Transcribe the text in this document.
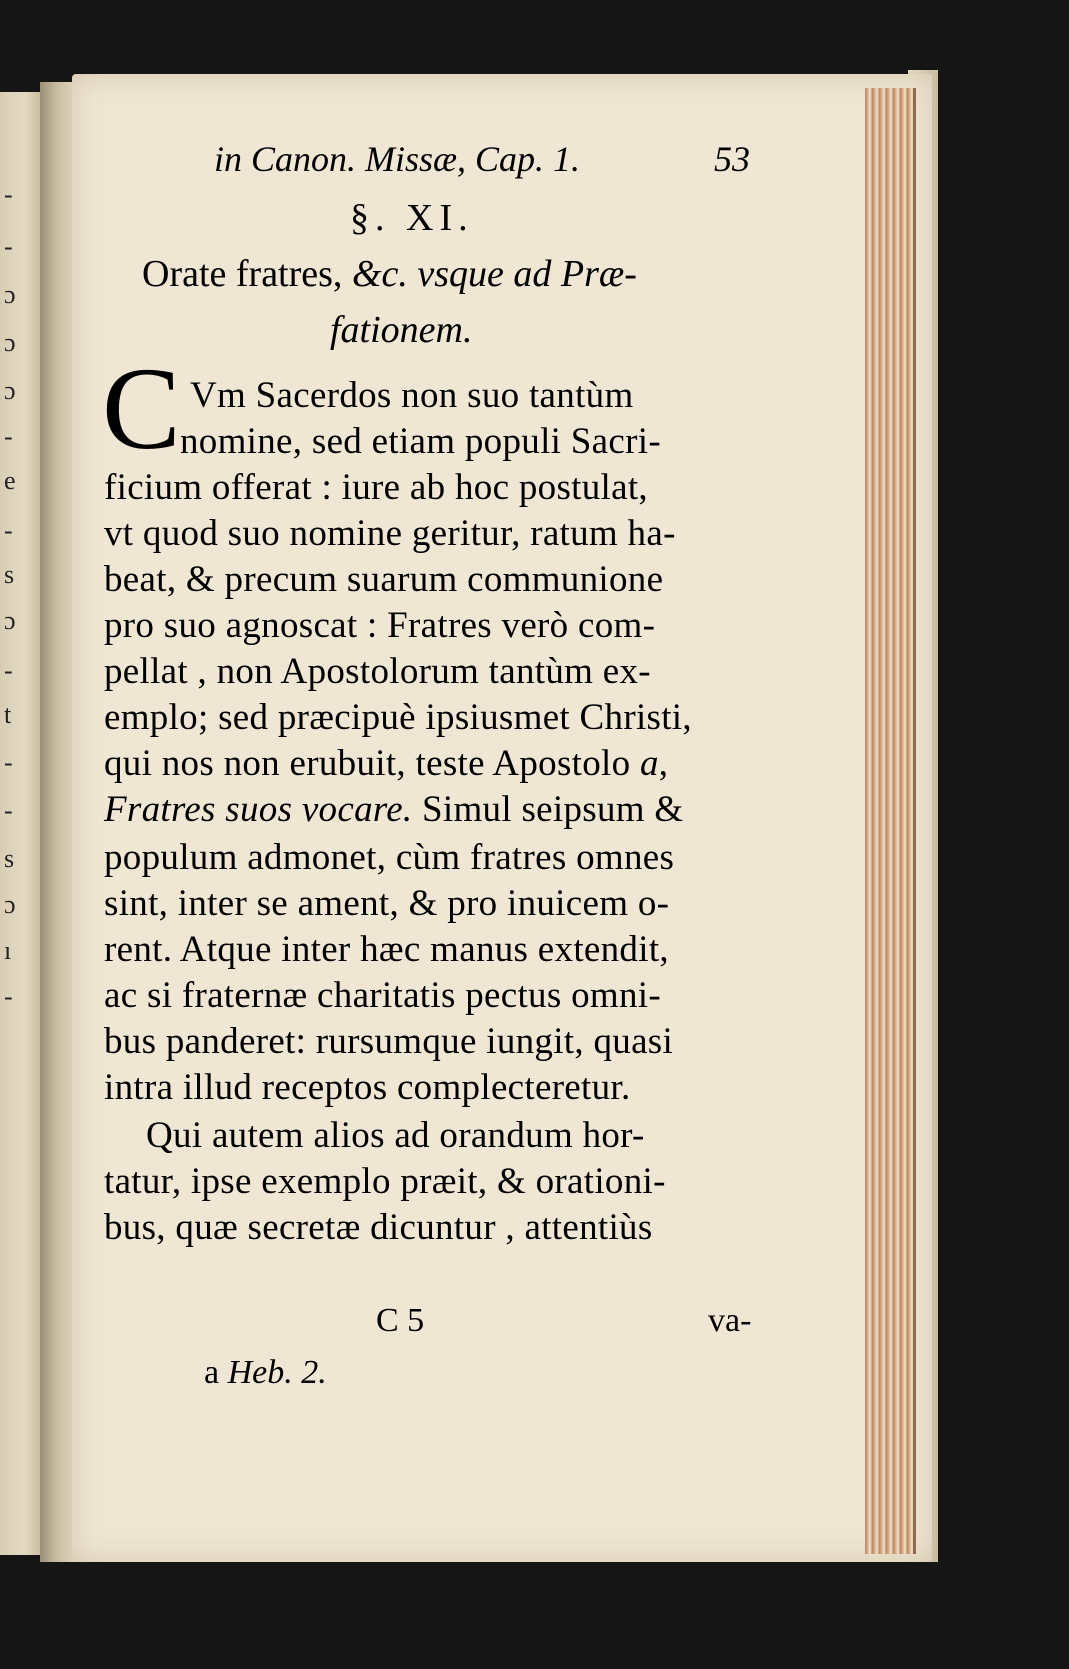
-
-
ɔ
ɔ
ɔ
-
e
-
s
ɔ
-
t
-
-
s
ɔ
ı
-
in Canon. Missæ, Cap. 1.	53
§. XI.
Orate fratres, &c. vsque ad Præ-
fationem.
C Vm Sacerdos non suo tantùm
nomine, sed etiam populi Sacri-
ficium offerat : iure ab hoc postulat,
vt quod suo nomine geritur, ratum ha-
beat, & precum suarum communione
pro suo agnoscat : Fratres verò com-
pellat , non Apostolorum tantùm ex-
emplo; sed præcipuè ipsiusmet Christi,
qui nos non erubuit, teste Apostolo a,
Fratres suos vocare. Simul seipsum &
populum admonet, cùm fratres omnes
sint, inter se ament, & pro inuicem o-
rent. Atque inter hæc manus extendit,
ac si fraternæ charitatis pectus omni-
bus panderet: rursumque iungit, quasi
intra illud receptos complecteretur.
Qui autem alios ad orandum hor-
tatur, ipse exemplo præit, & orationi-
bus, quæ secretæ dicuntur , attentiùs
C 5	va-
a Heb. 2.
